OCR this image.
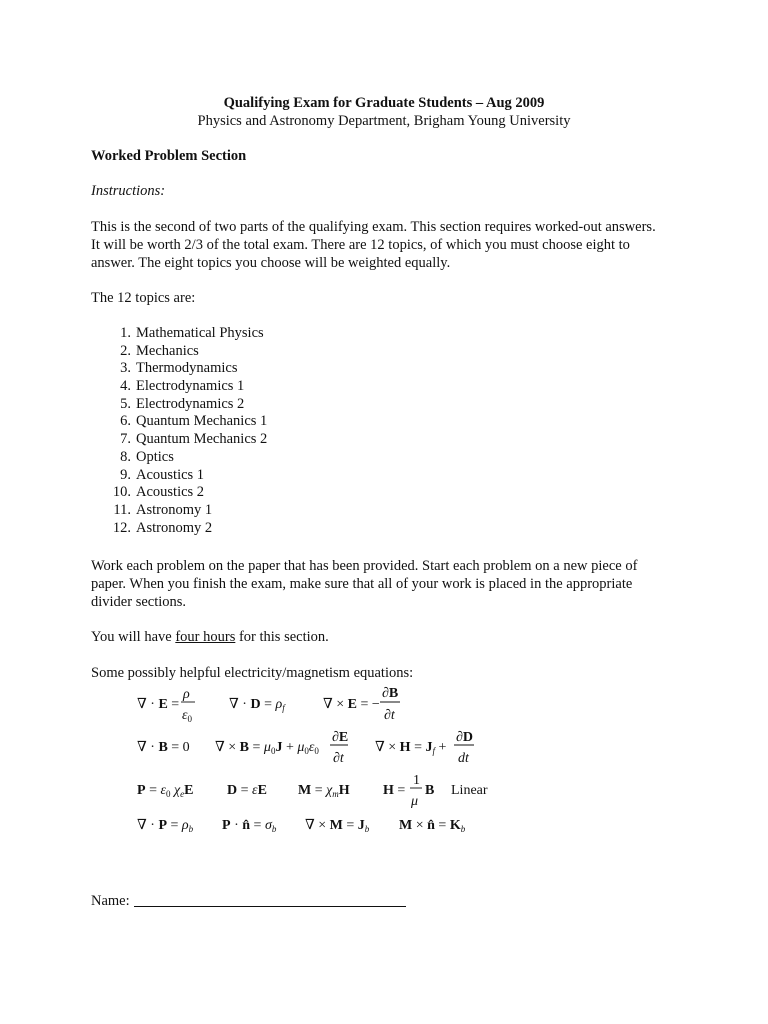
Qualifying Exam for Graduate Students – Aug 2009
Physics and Astronomy Department, Brigham Young University
Worked Problem Section
Instructions:
This is the second of two parts of the qualifying exam. This section requires worked-out answers.
It will be worth 2/3 of the total exam. There are 12 topics, of which you must choose eight to
answer. The eight topics you choose will be weighted equally.
The 12 topics are:
1. Mathematical Physics
2. Mechanics
3. Thermodynamics
4. Electrodynamics 1
5. Electrodynamics 2
6. Quantum Mechanics 1
7. Quantum Mechanics 2
8. Optics
9. Acoustics 1
10. Acoustics 2
11. Astronomy 1
12. Astronomy 2
Work each problem on the paper that has been provided. Start each problem on a new piece of
paper. When you finish the exam, make sure that all of your work is placed in the appropriate
divider sections.
You will have four hours for this section.
Some possibly helpful electricity/magnetism equations:
∇ · E =
ρ
$\varepsilon_0$
∇ · $D = \rho_f$	∇ × E = −
∂B
∂t
∇ · B = 0 ∇ × $B = \mu_0J + \mu_0\varepsilon_0$
∂E
∂t
∇ × $H = J_f$ +
∂D
dt
$P = \varepsilon_0$ $\chi_eE$ D = εE $M = \chi_mH$ H =
1
μ
B Linear
∇ · $P = \rho_b$ P · n̂ = $\sigma_b$ ∇ × $M = J_b$ M × n̂ = $K_b$
Name:
